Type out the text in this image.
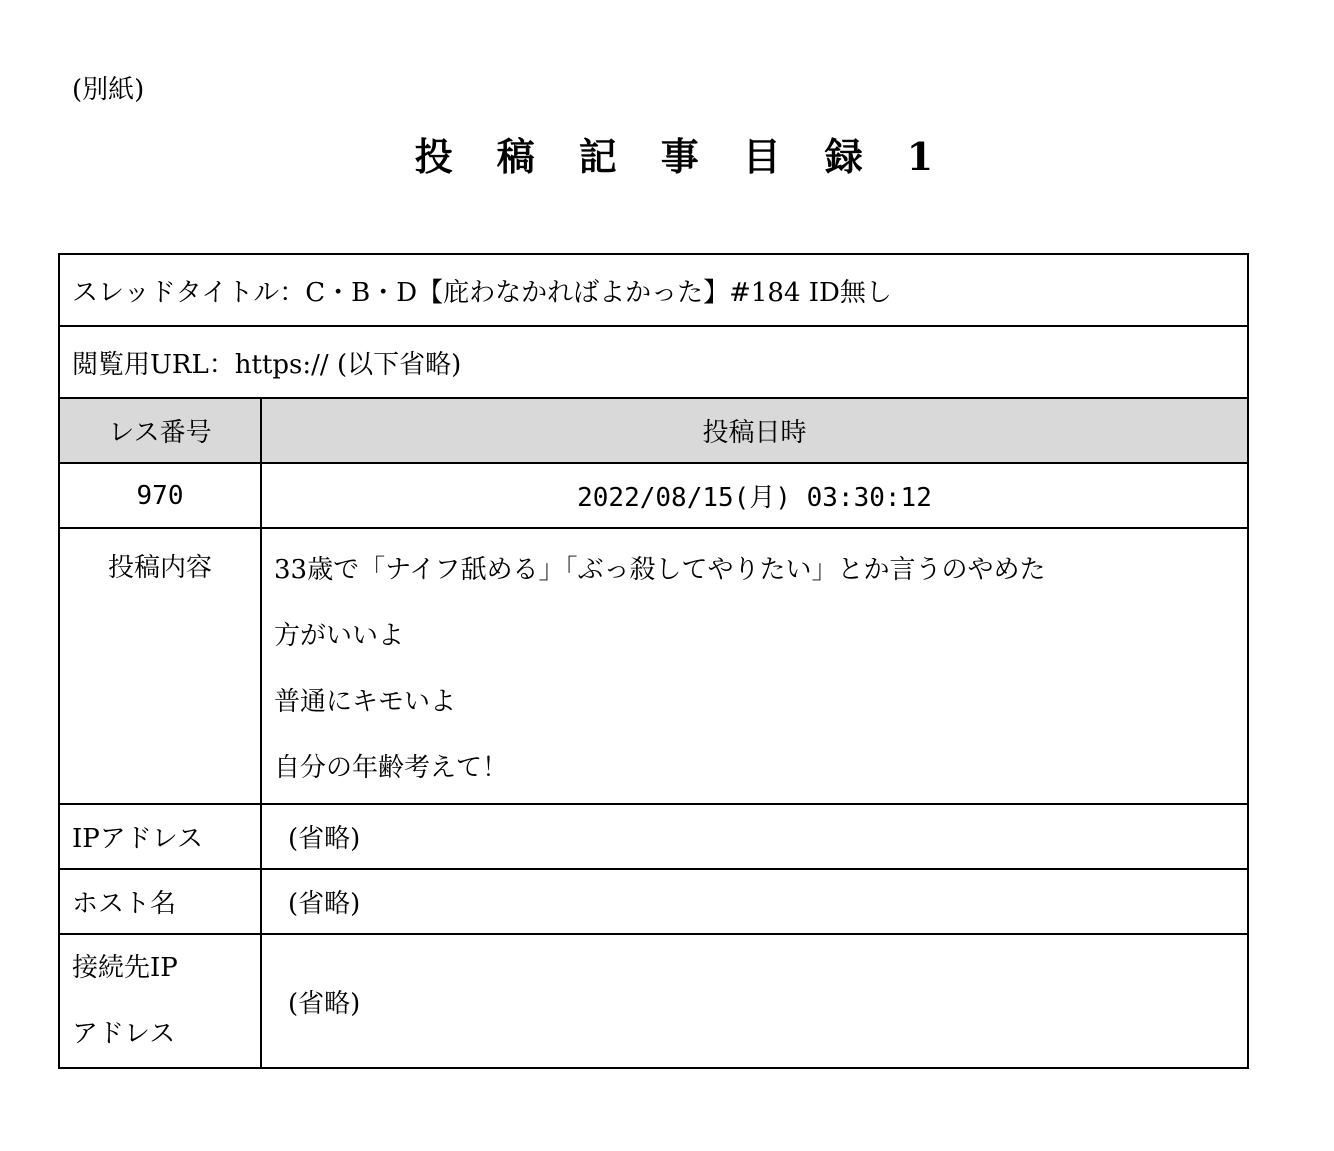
(別紙)
投稿記事目録1
スレッドタイトル：C・B・D【庇わなかればよかった】#184 ID無し	
閲覧用URL：https:// (以下省略)	
レス番号	投稿日時
970	2022/08/15(月) 03:30:12
投稿内容	33歳で「ナイフ舐める」「ぶっ殺してやりたい」とか言うのやめた
方がいいよ
普通にキモいよ
自分の年齢考えて！

IPアドレス	(省略)
ホスト名	(省略)

接続先IP
アドレス	(省略)
